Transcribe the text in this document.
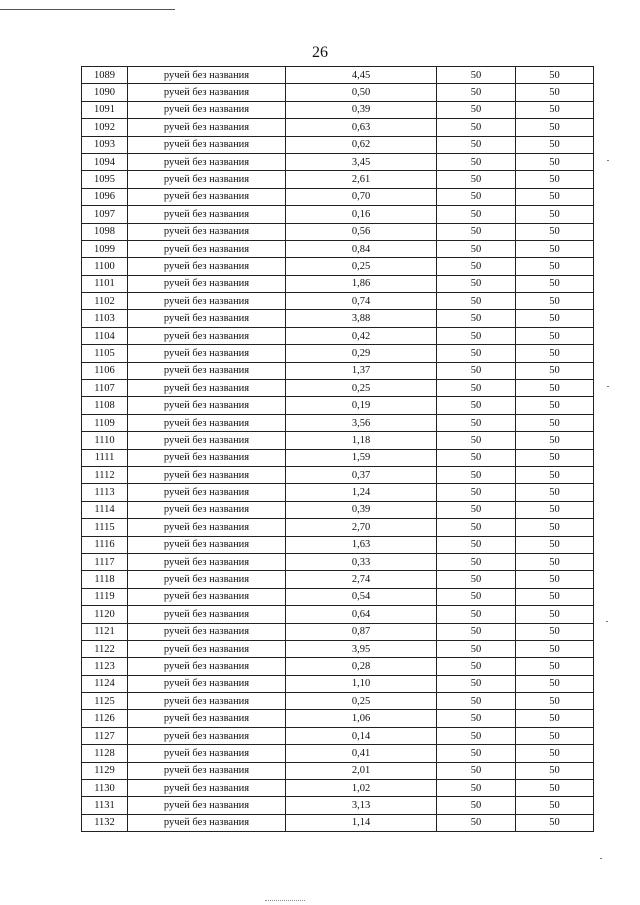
26
1089	ручей без названия	4,45	50	50
1090	ручей без названия	0,50	50	50
1091	ручей без названия	0,39	50	50
1092	ручей без названия	0,63	50	50
1093	ручей без названия	0,62	50	50
1094	ручей без названия	3,45	50	50
1095	ручей без названия	2,61	50	50
1096	ручей без названия	0,70	50	50
1097	ручей без названия	0,16	50	50
1098	ручей без названия	0,56	50	50
1099	ручей без названия	0,84	50	50
1100	ручей без названия	0,25	50	50
1101	ручей без названия	1,86	50	50
1102	ручей без названия	0,74	50	50
1103	ручей без названия	3,88	50	50
1104	ручей без названия	0,42	50	50
1105	ручей без названия	0,29	50	50
1106	ручей без названия	1,37	50	50
1107	ручей без названия	0,25	50	50
1108	ручей без названия	0,19	50	50
1109	ручей без названия	3,56	50	50
1110	ручей без названия	1,18	50	50
1111	ручей без названия	1,59	50	50
1112	ручей без названия	0,37	50	50
1113	ручей без названия	1,24	50	50
1114	ручей без названия	0,39	50	50
1115	ручей без названия	2,70	50	50
1116	ручей без названия	1,63	50	50
1117	ручей без названия	0,33	50	50
1118	ручей без названия	2,74	50	50
1119	ручей без названия	0,54	50	50
1120	ручей без названия	0,64	50	50
1121	ручей без названия	0,87	50	50
1122	ручей без названия	3,95	50	50
1123	ручей без названия	0,28	50	50
1124	ручей без названия	1,10	50	50
1125	ручей без названия	0,25	50	50
1126	ручей без названия	1,06	50	50
1127	ручей без названия	0,14	50	50
1128	ручей без названия	0,41	50	50
1129	ручей без названия	2,01	50	50
1130	ручей без названия	1,02	50	50
1131	ручей без названия	3,13	50	50
1132	ручей без названия	1,14	50	50
